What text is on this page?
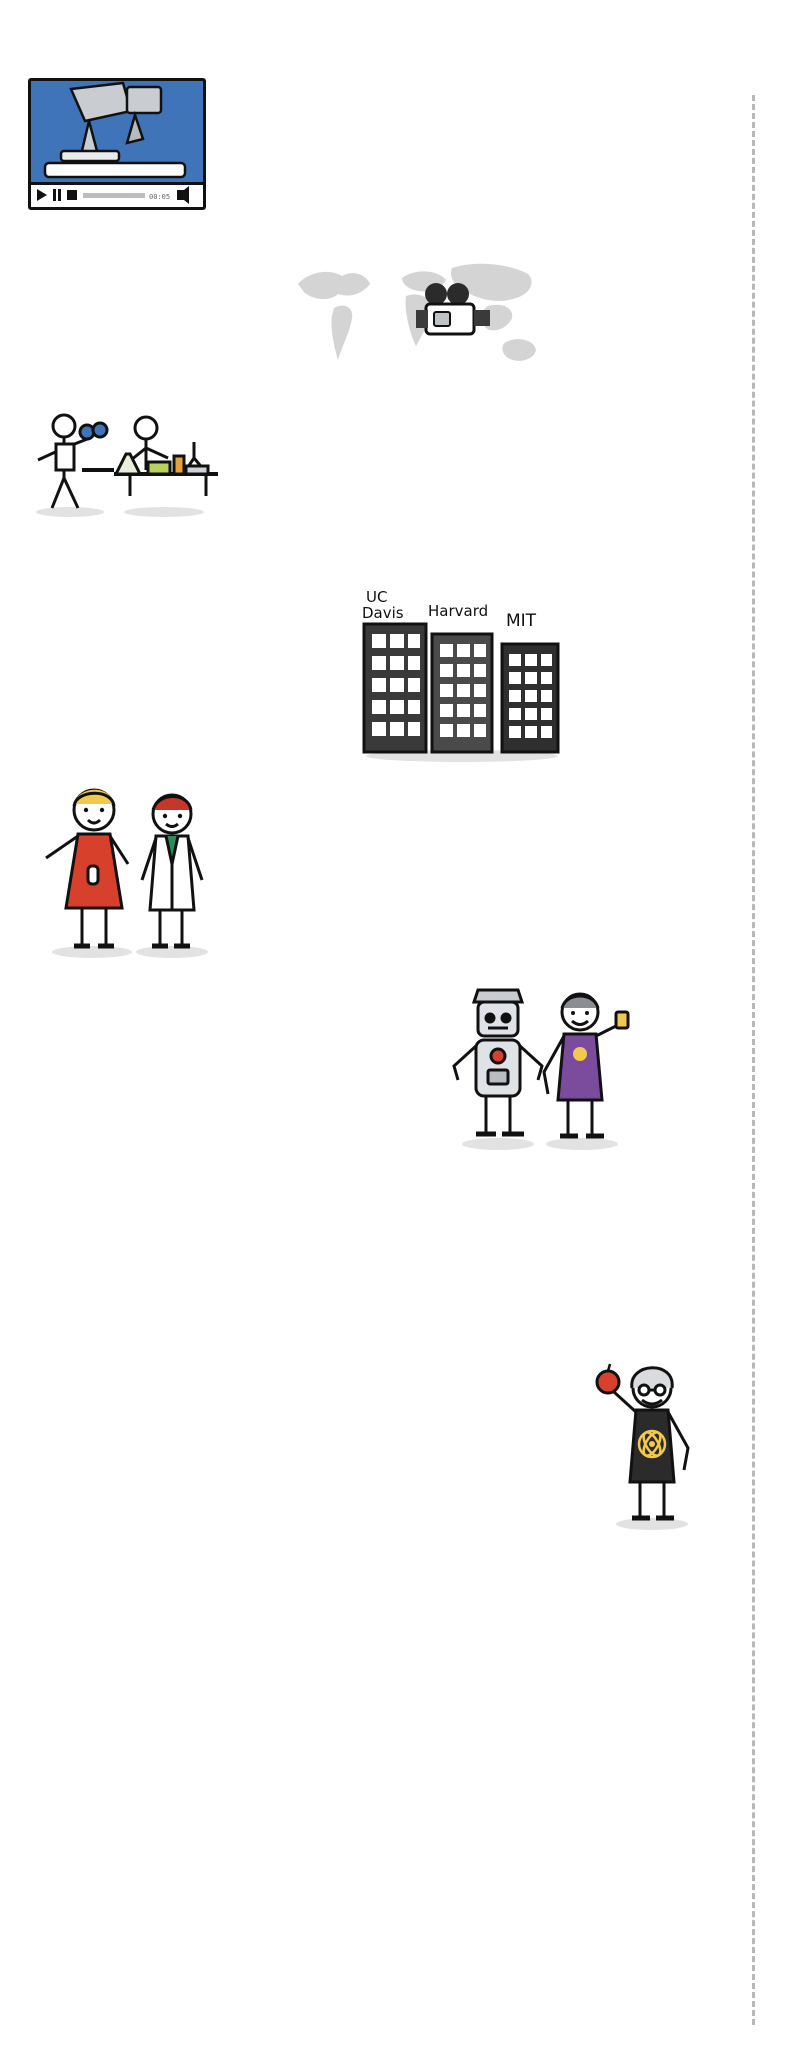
00:05
UC
Davis Harvard MIT
